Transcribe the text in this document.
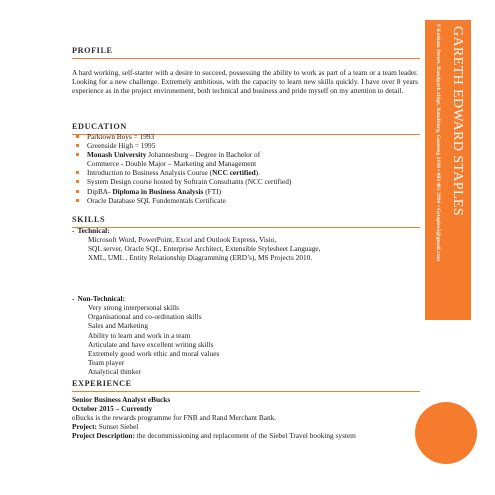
PROFILE
A hard working, self-starter with a desire to succeed, possessing the ability to work as part of a team or a team leader. Looking for a new challenge. Extremely ambitious, with the capacity to learn new skills quickly. I have over 8 years experience as in the project environement, both technical and business and pride myself on my attention to detail.
EDUCATION
Parktown Boys = 1993
Greenside High = 1995
Monash University Johannesburg – Degree in Bachelor of
Commerce - Double Major – Marketing and Management
Introduction to Business Analysis Course (NCC certified).
System Design course hosted by Softrain Consultants (NCC certified)
DipBA- Diploma in Business Analysis (FTI)
Oracle Database SQL Fundementals Certificate
SKILLS
- Technical:
Microsoft Word, PowerPoint, Excel and Outlook Express, Visio,
SQL server, Oracle SQL, Enterprise Architect, Extensible Stylesheet Language,
XML, UML , Entity Relationship Diagramming (ERD’s), MS Projects 2010.
- Non-Technical:
Very strong interpersonal skills
Organisational and co-ordination skills
Sales and Marketing
Ability to learn and work in a team
Articulate and have excellent writing skills
Extremely good work ethic and moral values
Team player
Analytical thinker
EXPERIENCE
Senior Business Analyst eBucks
October 2015 – Currently
eBucks is the rewards programme for FNB and Rand Merchant Bank.
Project: Sunset Siebel
Project Description: the decommissioning and replacement of the Siebel Travel booking system
GARETH EDWARD STAPLES
9 Kotham Street, Randpark ridge, Randburg, Gauteng 2194 • 083 461 2994 • Gstaples2@gmail.com
